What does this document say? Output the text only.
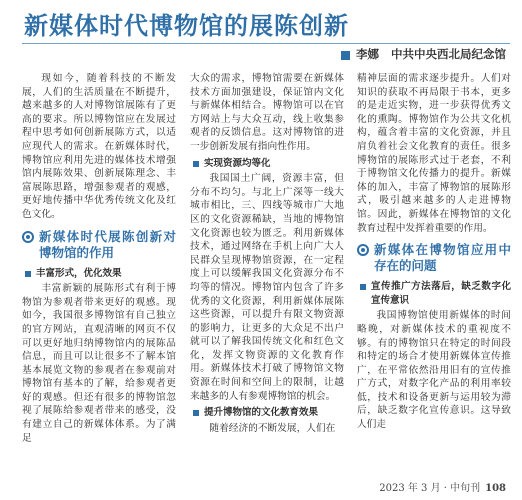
新媒体时代博物馆的展陈创新
李娜 中共中央西北局纪念馆

现如今，随着科技的不断发展，人们的生活质量在不断提升，越来越多的人对博物馆展陈有了更高的要求。所以博物馆应在发展过程中思考如何创新展陈方式，以适应现代人的需求。在新媒体时代，博物馆应利用先进的媒体技术增强馆内展陈效果、创新展陈理念、丰富展陈思路，增强参观者的观感，更好地传播中华优秀传统文化及红色文化。

新媒体时代展陈创新对博物馆的作用
丰富形式，优化效果

丰富新颖的展陈形式有利于博物馆为参观者带来更好的观感。现如今，我国很多博物馆有自己独立的官方网站，直观清晰的网页不仅可以更好地归纳博物馆内的展陈品信息，而且可以让很多不了解本馆基本展览文物的参观者在参观前对博物馆有基本的了解，给参观者更好的观感。但还有很多的博物馆忽视了展陈给参观者带来的感受，没有建立自己的新媒体体系。为了满足

大众的需求，博物馆需要在新媒体技术方面加强建设，保证馆内文化与新媒体相结合。博物馆可以在官方网站上与大众互动，线上收集参观者的反馈信息。这对博物馆的进一步创新发展有指向性作用。

实现资源均等化

我国国土广阔，资源丰富，但分布不均匀。与北上广深等一线大城市相比，三、四线等城市广大地区的文化资源稀缺，当地的博物馆文化资源也较为匮乏。利用新媒体技术，通过网络在手机上向广大人民群众呈现博物馆资源，在一定程度上可以缓解我国文化资源分布不均等的情况。博物馆内包含了许多优秀的文化资源，利用新媒体展陈这些资源，可以提升有限文物资源的影响力，让更多的大众足不出户就可以了解我国传统文化和红色文化，发挥文物资源的文化教育作用。新媒体技术打破了博物馆文物资源在时间和空间上的限制，让越来越多的人有参观博物馆的机会。

提升博物馆的文化教育效果

随着经济的不断发展，人们在

精神层面的需求逐步提升。人们对知识的获取不再局限于书本，更多的是走近实物，进一步获得优秀文化的熏陶。博物馆作为公共文化机构，蕴含着丰富的文化资源，并且肩负着社会文化教育的责任。很多博物馆的展陈形式过于老套，不利于博物馆文化传播力的提升。新媒体的加入，丰富了博物馆的展陈形式，吸引越来越多的人走进博物馆。因此，新媒体在博物馆的文化教育过程中发挥着重要的作用。

新媒体在博物馆应用中存在的问题
宣传推广方法落后，缺乏数字化宣传意识

我国博物馆使用新媒体的时间略晚，对新媒体技术的重视度不够。有的博物馆只在特定的时间段和特定的场合才使用新媒体宣传推广，在平常依然沿用旧有的宣传推广方式，对数字化产品的利用率较低，技术和设备更新与运用较为滞后，缺乏数字化宣传意识。这导致人们走

2023 年 3 月 · 中旬刊 108
